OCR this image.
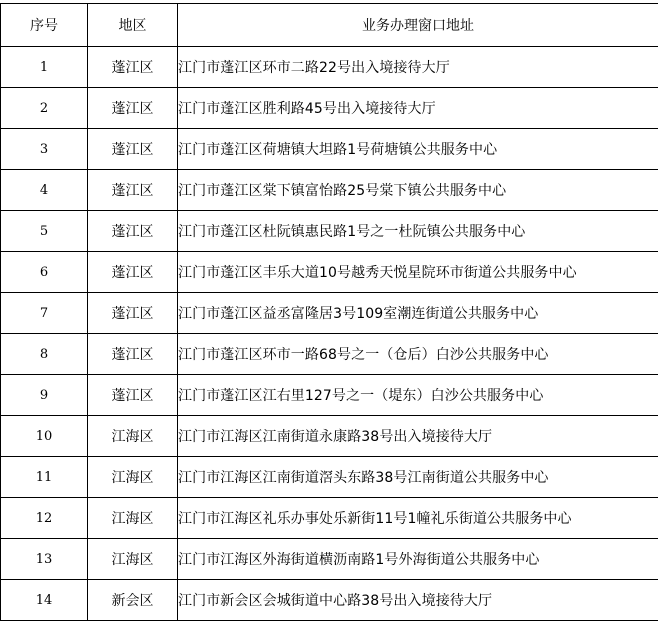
序号	地区	业务办理窗口地址
1	蓬江区	江门市蓬江区环市二路22号出入境接待大厅
2	蓬江区	江门市蓬江区胜利路45号出入境接待大厅
3	蓬江区	江门市蓬江区荷塘镇大坦路1号荷塘镇公共服务中心
4	蓬江区	江门市蓬江区棠下镇富怡路25号棠下镇公共服务中心
5	蓬江区	江门市蓬江区杜阮镇惠民路1号之一杜阮镇公共服务中心
6	蓬江区	江门市蓬江区丰乐大道10号越秀天悦星院环市街道公共服务中心
7	蓬江区	江门市蓬江区益丞富隆居3号109室潮连街道公共服务中心
8	蓬江区	江门市蓬江区环市一路68号之一（仓后）白沙公共服务中心
9	蓬江区	江门市蓬江区江右里127号之一（堤东）白沙公共服务中心
10	江海区	江门市江海区江南街道永康路38号出入境接待大厅
11	江海区	江门市江海区江南街道滘头东路38号江南街道公共服务中心
12	江海区	江门市江海区礼乐办事处乐新街11号1幢礼乐街道公共服务中心
13	江海区	江门市江海区外海街道横沥南路1号外海街道公共服务中心
14	新会区	江门市新会区会城街道中心路38号出入境接待大厅
